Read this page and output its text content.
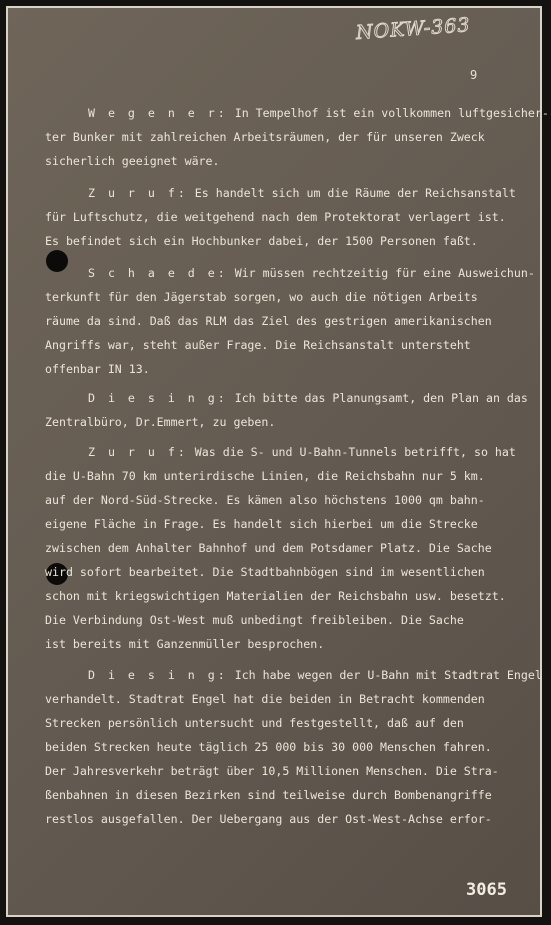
NOKW-363
9

W e g e n e r: In Tempelhof ist ein vollkommen luftgesicher-

ter Bunker mit zahlreichen Arbeitsräumen, der für unseren Zweck

sicherlich geeignet wäre.

Z u r u f: Es handelt sich um die Räume der Reichsanstalt

für Luftschutz, die weitgehend nach dem Protektorat verlagert ist.

Es befindet sich ein Hochbunker dabei, der 1500 Personen faßt.

S c h a e d e: Wir müssen rechtzeitig für eine Ausweichun-

terkunft für den Jägerstab sorgen, wo auch die nötigen Arbeits

räume da sind. Daß das RLM das Ziel des gestrigen amerikanischen

Angriffs war, steht außer Frage. Die Reichsanstalt untersteht

offenbar IN 13.

D i e s i n g: Ich bitte das Planungsamt, den Plan an das

Zentralbüro, Dr.Emmert, zu geben.

Z u r u f: Was die S- und U-Bahn-Tunnels betrifft, so hat

die U-Bahn 70 km unterirdische Linien, die Reichsbahn nur 5 km.

auf der Nord-Süd-Strecke. Es kämen also höchstens 1000 qm bahn-

eigene Fläche in Frage. Es handelt sich hierbei um die Strecke

zwischen dem Anhalter Bahnhof und dem Potsdamer Platz. Die Sache

wird sofort bearbeitet. Die Stadtbahnbögen sind im wesentlichen

schon mit kriegswichtigen Materialien der Reichsbahn usw. besetzt.

Die Verbindung Ost-West muß unbedingt freibleiben. Die Sache

ist bereits mit Ganzenmüller besprochen.

D i e s i n g: Ich habe wegen der U-Bahn mit Stadtrat Engel

verhandelt. Stadtrat Engel hat die beiden in Betracht kommenden

Strecken persönlich untersucht und festgestellt, daß auf den

beiden Strecken heute täglich 25 000 bis 30 000 Menschen fahren.

Der Jahresverkehr beträgt über 10,5 Millionen Menschen. Die Stra-

ßenbahnen in diesen Bezirken sind teilweise durch Bombenangriffe

restlos ausgefallen. Der Uebergang aus der Ost-West-Achse erfor-

3065
